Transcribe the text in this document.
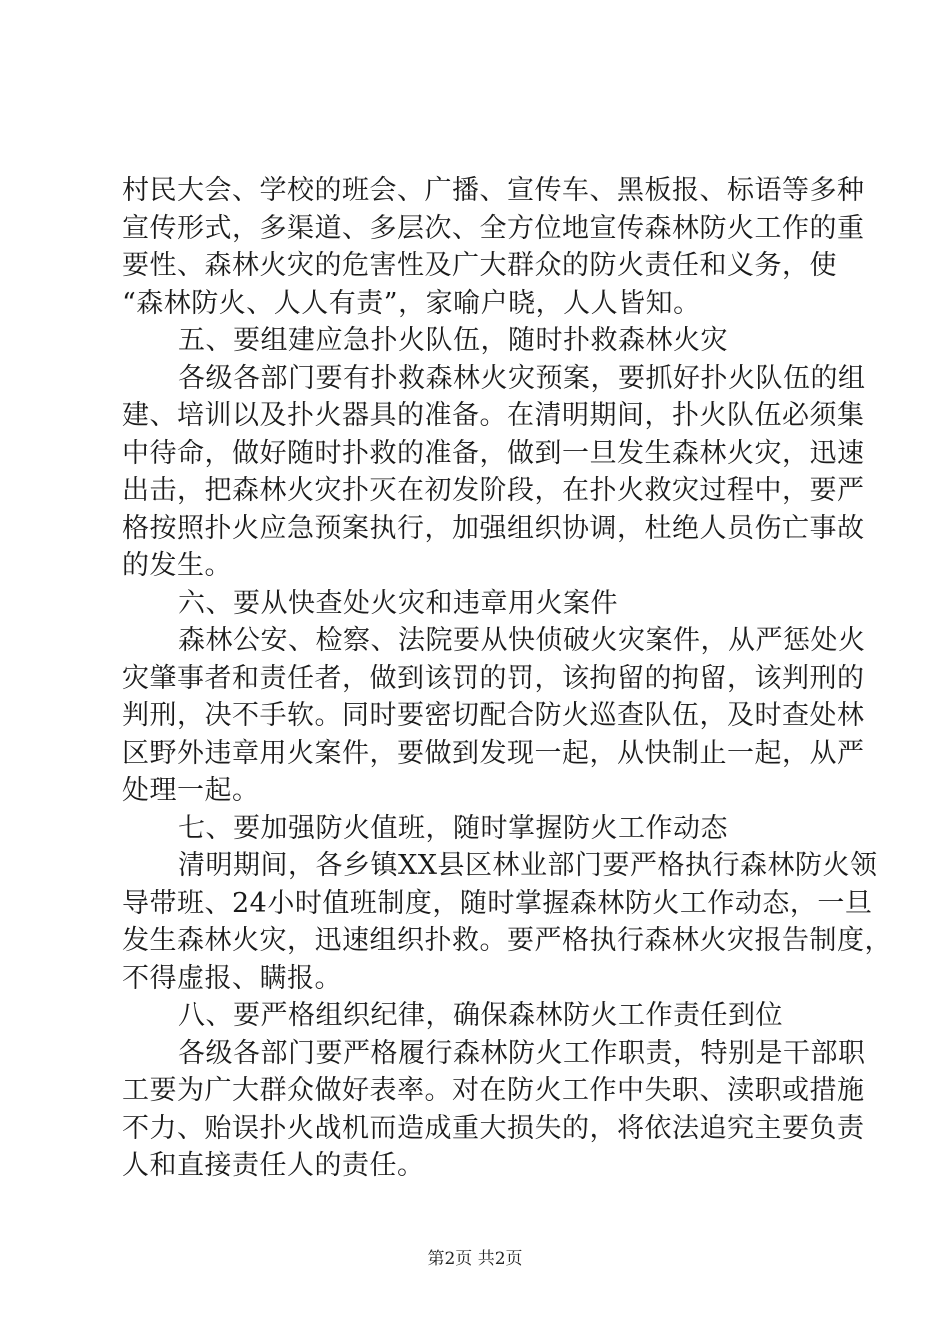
村民大会、学校的班会、广播、宣传车、黑板报、标语等多种
宣传形式，多渠道、多层次、全方位地宣传森林防火工作的重
要性、森林火灾的危害性及广大群众的防火责任和义务，使
“森林防火、人人有责”，家喻户晓，人人皆知。
五、要组建应急扑火队伍，随时扑救森林火灾
各级各部门要有扑救森林火灾预案，要抓好扑火队伍的组
建、培训以及扑火器具的准备。在清明期间，扑火队伍必须集
中待命，做好随时扑救的准备，做到一旦发生森林火灾，迅速
出击，把森林火灾扑灭在初发阶段，在扑火救灾过程中，要严
格按照扑火应急预案执行，加强组织协调，杜绝人员伤亡事故
的发生。
六、要从快查处火灾和违章用火案件
森林公安、检察、法院要从快侦破火灾案件，从严惩处火
灾肇事者和责任者，做到该罚的罚，该拘留的拘留，该判刑的
判刑，决不手软。同时要密切配合防火巡查队伍，及时查处林
区野外违章用火案件，要做到发现一起，从快制止一起，从严
处理一起。
七、要加强防火值班，随时掌握防火工作动态
清明期间，各乡镇XX县区林业部门要严格执行森林防火领
导带班、24小时值班制度，随时掌握森林防火工作动态，一旦
发生森林火灾，迅速组织扑救。要严格执行森林火灾报告制度，
不得虚报、瞒报。
八、要严格组织纪律，确保森林防火工作责任到位
各级各部门要严格履行森林防火工作职责，特别是干部职
工要为广大群众做好表率。对在防火工作中失职、渎职或措施
不力、贻误扑火战机而造成重大损失的，将依法追究主要负责
人和直接责任人的责任。
第2页 共2页
